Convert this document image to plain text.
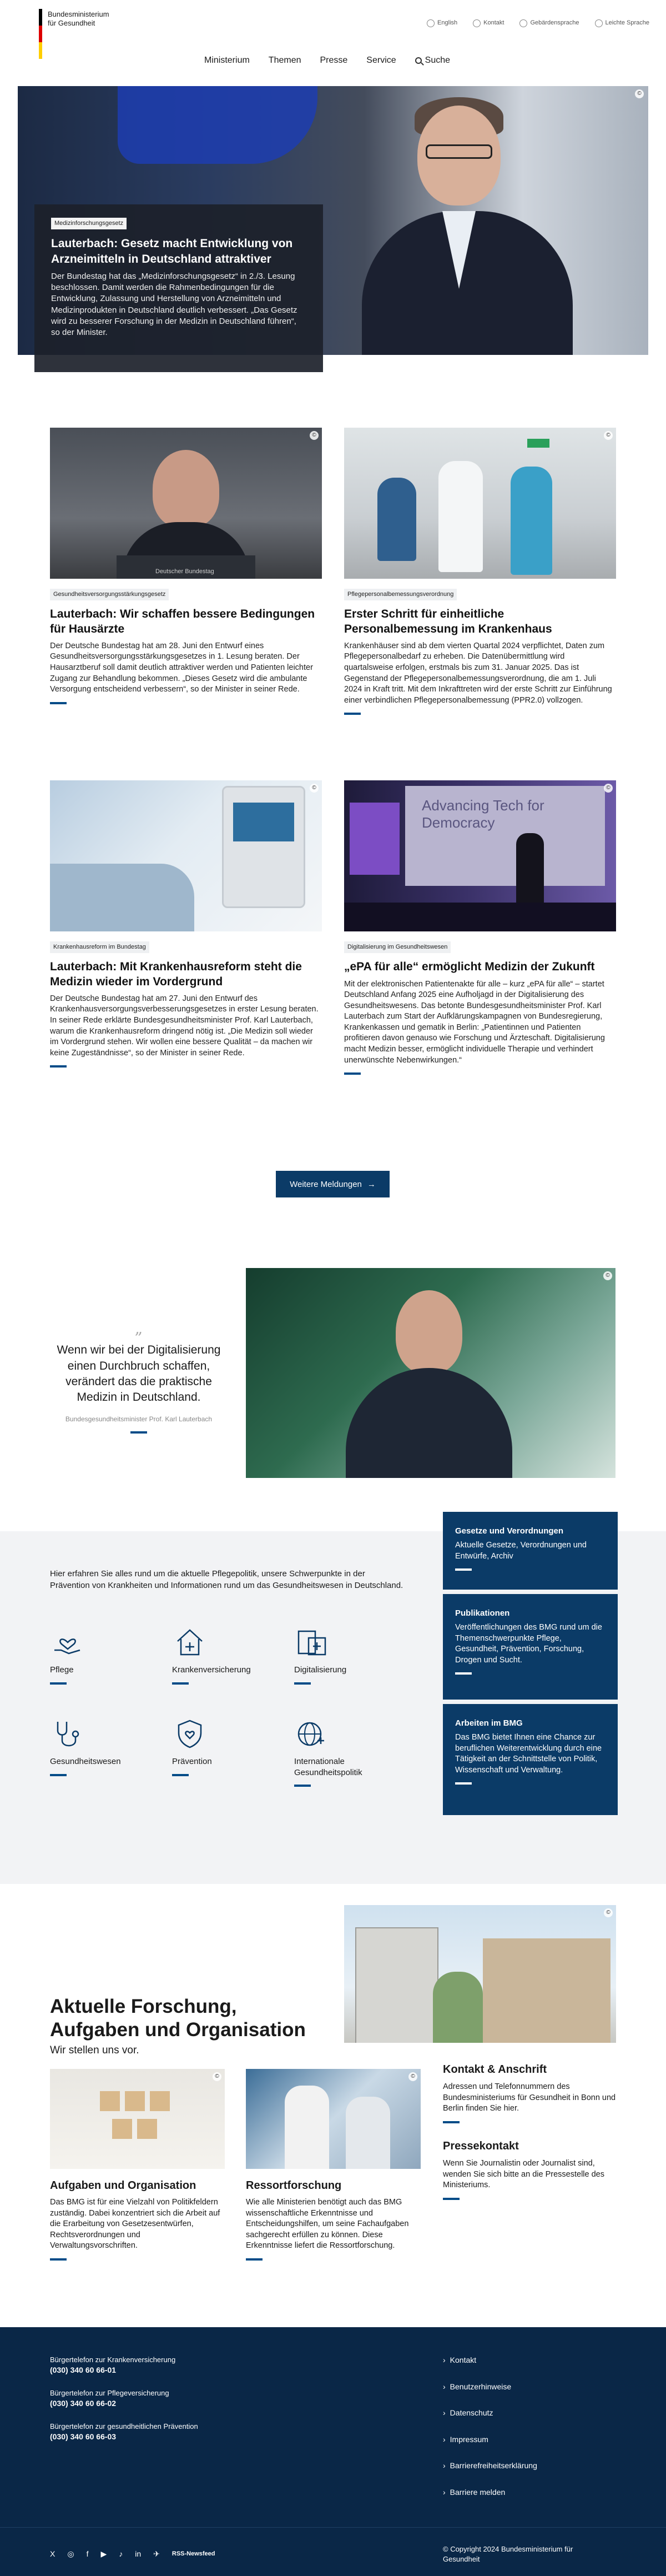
Bundesministerium
für Gesundheit	English	Kontakt	Gebärdensprache	Leichte Sprache
Ministerium Themen Presse Service	Suche
©
Medizinforschungsgesetz
Lauterbach: Gesetz macht Entwicklung von Arzneimitteln in Deutschland attraktiver

Der Bundestag hat das „Medizinforschungsgesetz“ in 2./3. Lesung beschlossen. Damit werden die Rahmenbedingungen für die Entwicklung, Zulassung und Herstellung von Arzneimitteln und Medizinprodukten in Deutschland deutlich verbessert. „Das Gesetz wird zu besserer Forschung in der Medizin in Deutschland führen“, so der Minister.

Deutscher Bundestag
©
Gesundheitsversorgungsstärkungsgesetz
Lauterbach: Wir schaffen bessere Bedingungen für Hausärzte

Der Deutsche Bundestag hat am 28. Juni den Entwurf eines Gesundheitsversorgungsstärkungsgesetzes in 1. Lesung beraten. Der Hausarztberuf soll damit deutlich attraktiver werden und Patienten leichter Zugang zur Behandlung bekommen. „Dieses Gesetz wird die ambulante Versorgung entscheidend verbessern“, so der Minister in seiner Rede.

©
Pflegepersonalbemessungsverordnung
Erster Schritt für einheitliche Personalbemessung im Krankenhaus

Krankenhäuser sind ab dem vierten Quartal 2024 verpflichtet, Daten zum Pflegepersonalbedarf zu erheben. Die Datenübermittlung wird quartalsweise erfolgen, erstmals bis zum 31. Januar 2025. Das ist Gegenstand der Pflegepersonalbemessungsverordnung, die am 1. Juli 2024 in Kraft tritt. Mit dem Inkrafttreten wird der erste Schritt zur Einführung einer verbindlichen Pflegepersonalbemessung (PPR2.0) vollzogen.

©
Krankenhausreform im Bundestag
Lauterbach: Mit Krankenhausreform steht die Medizin wieder im Vordergrund

Der Deutsche Bundestag hat am 27. Juni den Entwurf des Krankenhausversorgungsverbesserungsgesetzes in erster Lesung beraten. In seiner Rede erklärte Bundesgesundheitsminister Prof. Karl Lauterbach, warum die Krankenhausreform dringend nötig ist. „Die Medizin soll wieder im Vordergrund stehen. Wir wollen eine bessere Qualität – da machen wir keine Zugeständnisse“, so der Minister in seiner Rede.

Advancing Tech for Democracy
©
Digitalisierung im Gesundheitswesen
„ePA für alle“ ermöglicht Medizin der Zukunft

Mit der elektronischen Patientenakte für alle – kurz „ePA für alle“ – startet Deutschland Anfang 2025 eine Aufholjagd in der Digitalisierung des Gesundheitswesens. Das betonte Bundesgesundheitsminister Prof. Karl Lauterbach zum Start der Aufklärungskampagnen von Bundesregierung, Krankenkassen und gematik in Berlin: „Patientinnen und Patienten profitieren davon genauso wie Forschung und Ärzteschaft. Digitalisierung macht Medizin besser, ermöglicht individuelle Therapie und verhindert unerwünschte Nebenwirkungen.“

Weitere Meldungen →
„
Wenn wir bei der Digitalisierung einen Durchbruch schaffen, verändert das die praktische Medizin in Deutschland.
Bundesgesundheitsminister Prof. Karl Lauterbach
©

Hier erfahren Sie alles rund um die aktuelle Pflegepolitik, unsere Schwerpunkte in der Prävention von Krankheiten und Informationen rund um das Gesundheitswesen in Deutschland.

Pflege	Krankenversicherung	Digitalisierung
Gesundheitswesen	Prävention	Internationale Gesundheitspolitik
Gesetze und Verordnungen

Aktuelle Gesetze, Verordnungen und Entwürfe, Archiv

Publikationen

Veröffentlichungen des BMG rund um die Themenschwerpunkte Pflege, Gesundheit, Prävention, Forschung, Drogen und Sucht.

Arbeiten im BMG

Das BMG bietet Ihnen eine Chance zur beruflichen Weiterentwicklung durch eine Tätigkeit an der Schnittstelle von Politik, Wissenschaft und Verwaltung.

Aktuelle Forschung, Aufgaben und Organisation
Wir stellen uns vor.
©
©
Aufgaben und Organisation

Das BMG ist für eine Vielzahl von Politikfeldern zuständig. Dabei konzentriert sich die Arbeit auf die Erarbeitung von Gesetzesentwürfen, Rechtsverordnungen und Verwaltungsvorschriften.

©
Ressortforschung

Wie alle Ministerien benötigt auch das BMG wissenschaftliche Erkenntnisse und Entscheidungshilfen, um seine Fachaufgaben sachgerecht erfüllen zu können. Diese Erkenntnisse liefert die Ressortforschung.

Kontakt & Anschrift

Adressen und Telefonnummern des Bundesministeriums für Gesundheit in Bonn und Berlin finden Sie hier.

Pressekontakt

Wenn Sie Journalistin oder Journalist sind, wenden Sie sich bitte an die Pressestelle des Ministeriums.

Bürgertelefon zur Krankenversicherung
(030) 340 60 66-01
Bürgertelefon zur Pflegeversicherung
(030) 340 60 66-02
Bürgertelefon zur gesundheitlichen Prävention
(030) 340 60 66-03
› Kontakt
› Benutzerhinweise
› Datenschutz
› Impressum
› Barrierefreiheitserklärung
› Barriere melden
X ◎ f ▶ ♪ in ✈ RSS-Newsfeed
© Copyright 2024 Bundesministerium für Gesundheit
